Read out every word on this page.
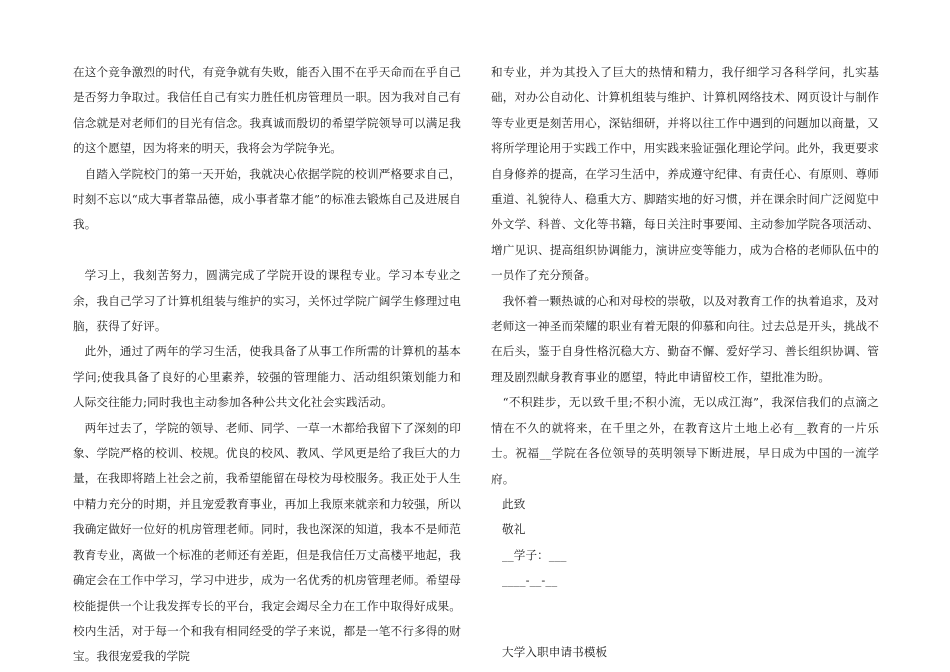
在这个竞争激烈的时代，有竞争就有失败，能否入围不在乎天命而在乎自己是否努力争取过。我信任自己有实力胜任机房管理员一职。因为我对自己有信念就是对老师们的目光有信念。我真诚而殷切的希望学院领导可以满足我的这个愿望，因为将来的明天，我将会为学院争光。

自踏入学院校门的第一天开始，我就决心依据学院的校训严格要求自己，时刻不忘以“成大事者靠品德，成小事者靠才能”的标准去锻炼自己及进展自我。

学习上，我刻苦努力，圆满完成了学院开设的课程专业。学习本专业之余，我自己学习了计算机组装与维护的实习，关怀过学院广阔学生修理过电脑，获得了好评。

此外，通过了两年的学习生活，使我具备了从事工作所需的计算机的基本学问;使我具备了良好的心里素养，较强的管理能力、活动组织策划能力和人际交往能力;同时我也主动参加各种公共文化社会实践活动。

两年过去了，学院的领导、老师、同学、一草一木都给我留下了深刻的印象、学院严格的校训、校规。优良的校风、教风、学风更是给了我巨大的力量，在我即将踏上社会之前，我希望能留在母校为母校服务。我正处于人生中精力充分的时期，并且宠爱教育事业，再加上我原来就亲和力较强，所以我确定做好一位好的机房管理老师。同时，我也深深的知道，我本不是师范教育专业，离做一个标准的老师还有差距，但是我信任万丈高楼平地起，我确定会在工作中学习，学习中进步，成为一名优秀的机房管理老师。希望母校能提供一个让我发挥专长的平台，我定会竭尽全力在工作中取得好成果。校内生活，对于每一个和我有相同经受的学子来说，都是一笔不行多得的财宝。我很宠爱我的学院

和专业，并为其投入了巨大的热情和精力，我仔细学习各科学问，扎实基础，对办公自动化、计算机组装与维护、计算机网络技术、网页设计与制作等专业更是刻苦用心，深钻细研，并将以往工作中遇到的问题加以商量，又将所学理论用于实践工作中，用实践来验证强化理论学问。此外，我更要求自身修养的提高，在学习生活中，养成遵守纪律、有责任心、有原则、尊师重道、礼貌待人、稳重大方、脚踏实地的好习惯，并在课余时间广泛阅览中外文学、科普、文化等书籍，每日关注时事要闻、主动参加学院各项活动、增广见识、提高组织协调能力，演讲应变等能力，成为合格的老师队伍中的一员作了充分预备。

我怀着一颗热诚的心和对母校的崇敬，以及对教育工作的执着追求，及对老师这一神圣而荣耀的职业有着无限的仰慕和向往。过去总是开头，挑战不在后头，鉴于自身性格沉稳大方、勤奋不懈、爱好学习、善长组织协调、管理及剧烈献身教育事业的愿望，特此申请留校工作，望批准为盼。

“不积跬步，无以致千里;不积小流，无以成江海”，我深信我们的点滴之情在不久的就将来，在千里之外，在教育这片土地上必有__教育的一片乐士。祝福__学院在各位领导的英明领导下断进展，早日成为中国的一流学府。

此致

敬礼

__学子：___

____-__-__

大学入职申请书模板
